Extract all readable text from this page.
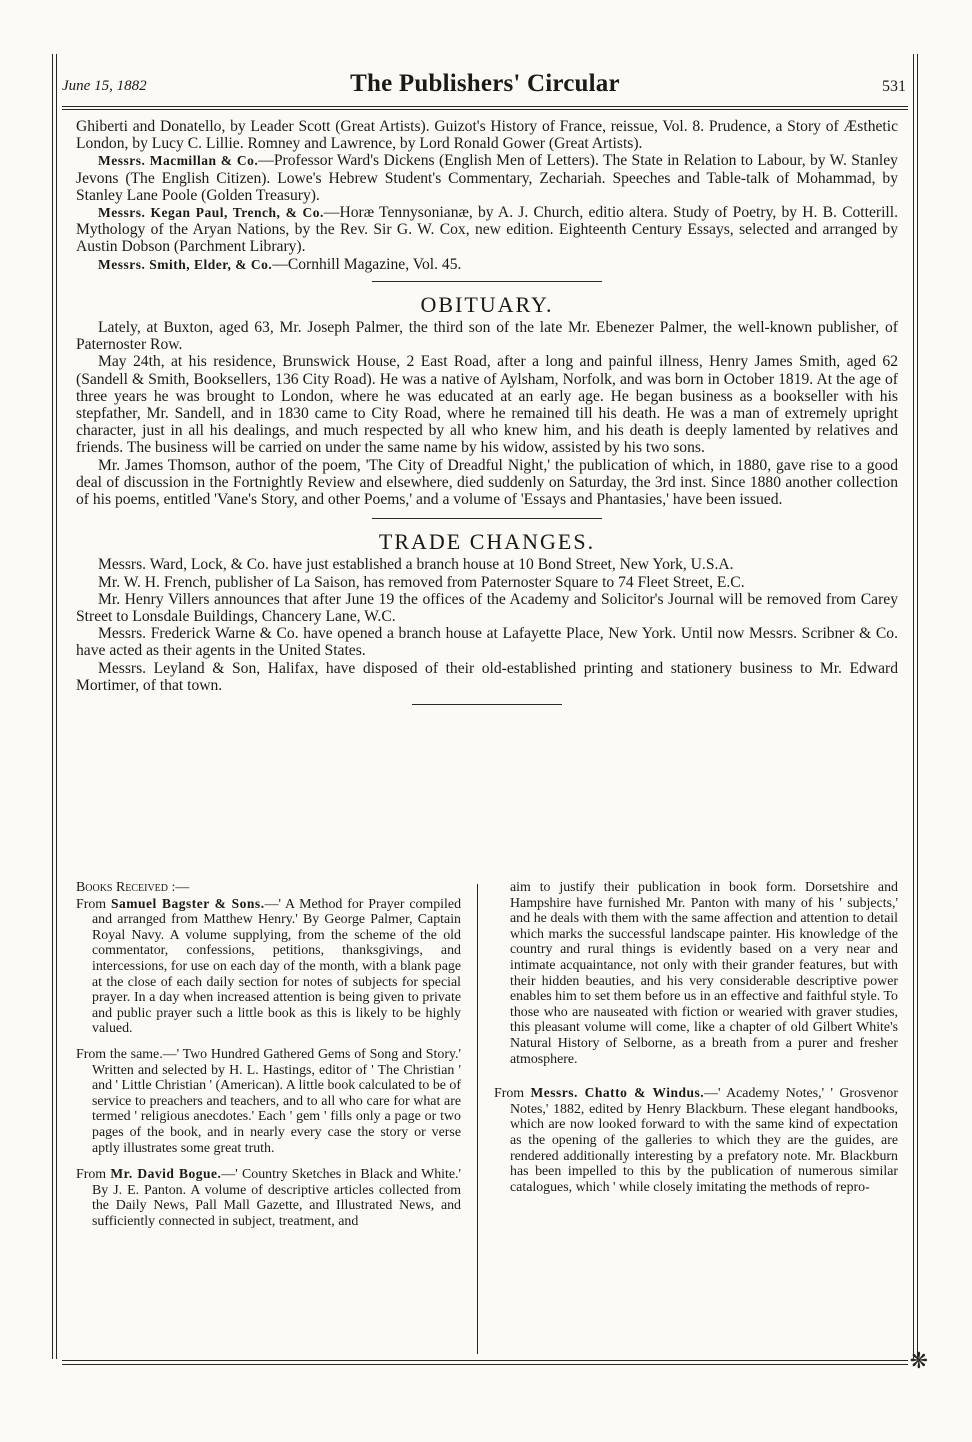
June 15, 1882	The Publishers' Circular	531

Ghiberti and Donatello, by Leader Scott (Great Artists). Guizot's History of France, reissue, Vol. 8. Prudence, a Story of Æsthetic London, by Lucy C. Lillie. Romney and Lawrence, by Lord Ronald Gower (Great Artists).

Messrs. Macmillan & Co.—Professor Ward's Dickens (English Men of Letters). The State in Relation to Labour, by W. Stanley Jevons (The English Citizen). Lowe's Hebrew Student's Commentary, Zechariah. Speeches and Table-talk of Mohammad, by Stanley Lane Poole (Golden Treasury).

Messrs. Kegan Paul, Trench, & Co.—Horæ Tennysonianæ, by A. J. Church, editio altera. Study of Poetry, by H. B. Cotterill. Mythology of the Aryan Nations, by the Rev. Sir G. W. Cox, new edition. Eighteenth Century Essays, selected and arranged by Austin Dobson (Parchment Library).

Messrs. Smith, Elder, & Co.—Cornhill Magazine, Vol. 45.

OBITUARY.

Lately, at Buxton, aged 63, Mr. Joseph Palmer, the third son of the late Mr. Ebenezer Palmer, the well-known publisher, of Paternoster Row.

May 24th, at his residence, Brunswick House, 2 East Road, after a long and painful illness, Henry James Smith, aged 62 (Sandell & Smith, Booksellers, 136 City Road). He was a native of Aylsham, Norfolk, and was born in October 1819. At the age of three years he was brought to London, where he was educated at an early age. He began business as a bookseller with his stepfather, Mr. Sandell, and in 1830 came to City Road, where he remained till his death. He was a man of extremely upright character, just in all his dealings, and much respected by all who knew him, and his death is deeply lamented by relatives and friends. The business will be carried on under the same name by his widow, assisted by his two sons.

Mr. James Thomson, author of the poem, 'The City of Dreadful Night,' the publication of which, in 1880, gave rise to a good deal of discussion in the Fortnightly Review and elsewhere, died suddenly on Saturday, the 3rd inst. Since 1880 another collection of his poems, entitled 'Vane's Story, and other Poems,' and a volume of 'Essays and Phantasies,' have been issued.

TRADE CHANGES.

Messrs. Ward, Lock, & Co. have just established a branch house at 10 Bond Street, New York, U.S.A.

Mr. W. H. French, publisher of La Saison, has removed from Paternoster Square to 74 Fleet Street, E.C.

Mr. Henry Villers announces that after June 19 the offices of the Academy and Solicitor's Journal will be removed from Carey Street to Lonsdale Buildings, Chancery Lane, W.C.

Messrs. Frederick Warne & Co. have opened a branch house at Lafayette Place, New York. Until now Messrs. Scribner & Co. have acted as their agents in the United States.

Messrs. Leyland & Son, Halifax, have disposed of their old-established printing and stationery business to Mr. Edward Mortimer, of that town.

Books Received :—

From Samuel Bagster & Sons.—' A Method for Prayer compiled and arranged from Matthew Henry.' By George Palmer, Captain Royal Navy. A volume supplying, from the scheme of the old commentator, confessions, petitions, thanksgivings, and intercessions, for use on each day of the month, with a blank page at the close of each daily section for notes of subjects for special prayer. In a day when increased attention is being given to private and public prayer such a little book as this is likely to be highly valued.

From the same.—' Two Hundred Gathered Gems of Song and Story.' Written and selected by H. L. Hastings, editor of ' The Christian ' and ' Little Christian ' (American). A little book calculated to be of service to preachers and teachers, and to all who care for what are termed ' religious anecdotes.' Each ' gem ' fills only a page or two pages of the book, and in nearly every case the story or verse aptly illustrates some great truth.

From Mr. David Bogue.—' Country Sketches in Black and White.' By J. E. Panton. A volume of descriptive articles collected from the Daily News, Pall Mall Gazette, and Illustrated News, and sufficiently connected in subject, treatment, and

aim to justify their publication in book form. Dorsetshire and Hampshire have furnished Mr. Panton with many of his ' subjects,' and he deals with them with the same affection and attention to detail which marks the successful landscape painter. His knowledge of the country and rural things is evidently based on a very near and intimate acquaintance, not only with their grander features, but with their hidden beauties, and his very considerable descriptive power enables him to set them before us in an effective and faithful style. To those who are nauseated with fiction or wearied with graver studies, this pleasant volume will come, like a chapter of old Gilbert White's Natural History of Selborne, as a breath from a purer and fresher atmosphere.

From Messrs. Chatto & Windus.—' Academy Notes,' ' Grosvenor Notes,' 1882, edited by Henry Blackburn. These elegant handbooks, which are now looked forward to with the same kind of expectation as the opening of the galleries to which they are the guides, are rendered additionally interesting by a prefatory note. Mr. Blackburn has been impelled to this by the publication of numerous similar catalogues, which ' while closely imitating the methods of repro-

❋
